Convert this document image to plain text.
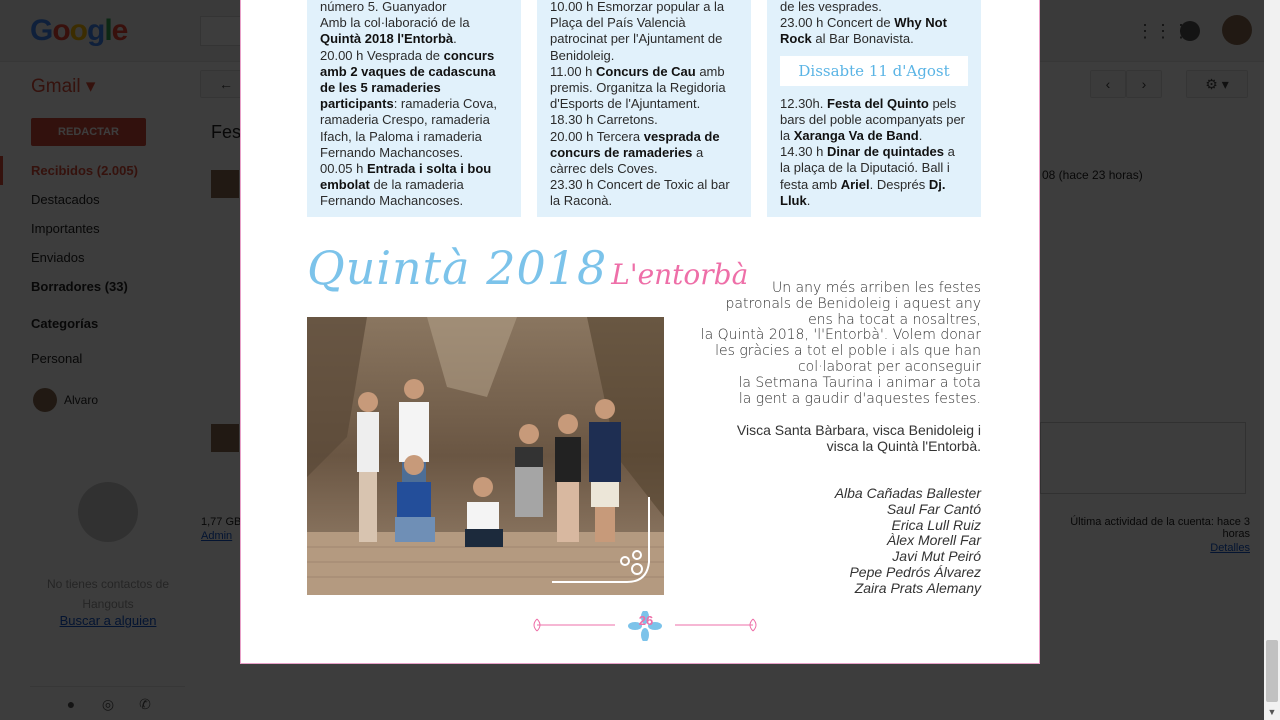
▼

número 5. Guanyador

Amb la col·laboració de la

Quintà 2018 l'Entorbà.

20.00 h Vesprada de concurs amb 2 vaques de cadascuna de les 5 ramaderies participants: ramaderia Cova, ramaderia Crespo, ramaderia Ifach, la Paloma i ramaderia Fernando Machancoses.

00.05 h Entrada i solta i bou embolat de la ramaderia Fernando Machancoses.

10.00 h Esmorzar popular a la

Plaça del País Valencià patrocinat per l'Ajuntament de Benidoleig.

11.00 h Concurs de Cau amb premis. Organitza la Regidoria d'Esports de l'Ajuntament.

18.30 h Carretons.

20.00 h Tercera vesprada de concurs de ramaderies a càrrec dels Coves.

23.30 h Concert de Toxic al bar la Raconà.

de les vesprades.

23.00 h Concert de Why Not Rock al Bar Bonavista.

Dissabte 11 d'Agost

12.30h. Festa del Quinto pels bars del poble acompanyats per la Xaranga Va de Band.

14.30 h Dinar de quintades a la plaça de la Diputació. Ball i festa amb Ariel. Després Dj. Lluk.

Quintà 2018 L'entorbà	Un any més arriben les festes
patronals de Benidoleig i aquest any
ens ha tocat a nosaltres,
la Quintà 2018, 'l'Entorbà'. Volem donar
les gràcies a tot el poble i als que han
col·laborat per aconseguir
la Setmana Taurina i animar a tota
la gent a gaudir d'aquestes festes.
Visca Santa Bàrbara, visca Benidoleig i
visca la Quintà l'Entorbà.
Alba Cañadas Ballester
Saul Far Cantó
Erica Lull Ruiz
Àlex Morell Far
Javi Mut Peiró
Pepe Pedrós Álvarez
Zaira Prats Alemany
26
